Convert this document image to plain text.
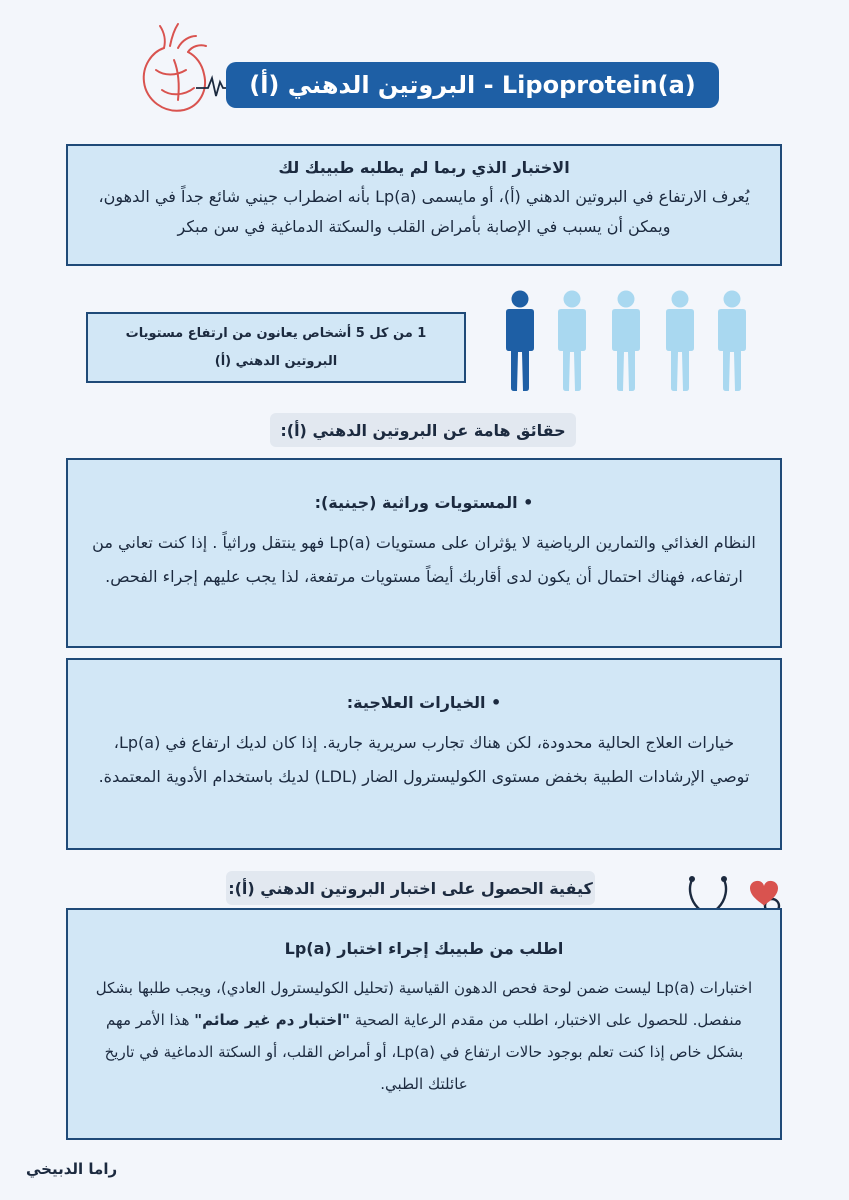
Lipoprotein(a) - البروتين الدهني (أ)
الاختبار الذي ربما لم يطلبه طبيبك لك
يُعرف الارتفاع في البروتين الدهني (أ)، أو مايسمى Lp(a) بأنه اضطراب جيني شائع جداً في الدهون، ويمكن أن يسبب في الإصابة بأمراض القلب والسكتة الدماغية في سن مبكر
1 من كل 5 أشخاص يعانون من ارتفاع مستويات البروتين الدهني (أ)
حقائق هامة عن البروتين الدهني (أ):
• المستويات وراثية (جينية):
النظام الغذائي والتمارين الرياضية لا يؤثران على مستويات Lp(a) فهو ينتقل وراثياً . إذا كنت تعاني من ارتفاعه، فهناك احتمال أن يكون لدى أقاربك أيضاً مستويات مرتفعة، لذا يجب عليهم إجراء الفحص.
• الخيارات العلاجية:
خيارات العلاج الحالية محدودة، لكن هناك تجارب سريرية جارية. إذا كان لديك ارتفاع في Lp(a)، توصي الإرشادات الطبية بخفض مستوى الكوليسترول الضار (LDL) لديك باستخدام الأدوية المعتمدة.
كيفية الحصول على اختبار البروتين الدهني (أ):
اطلب من طبيبك إجراء اختبار Lp(a)
اختبارات Lp(a) ليست ضمن لوحة فحص الدهون القياسية (تحليل الكوليسترول العادي)، ويجب طلبها بشكل منفصل. للحصول على الاختبار، اطلب من مقدم الرعاية الصحية "اختبار دم غير صائم" هذا الأمر مهم بشكل خاص إذا كنت تعلم بوجود حالات ارتفاع في Lp(a)، أو أمراض القلب، أو السكتة الدماغية في تاريخ عائلتك الطبي.
راما الدبيخي
